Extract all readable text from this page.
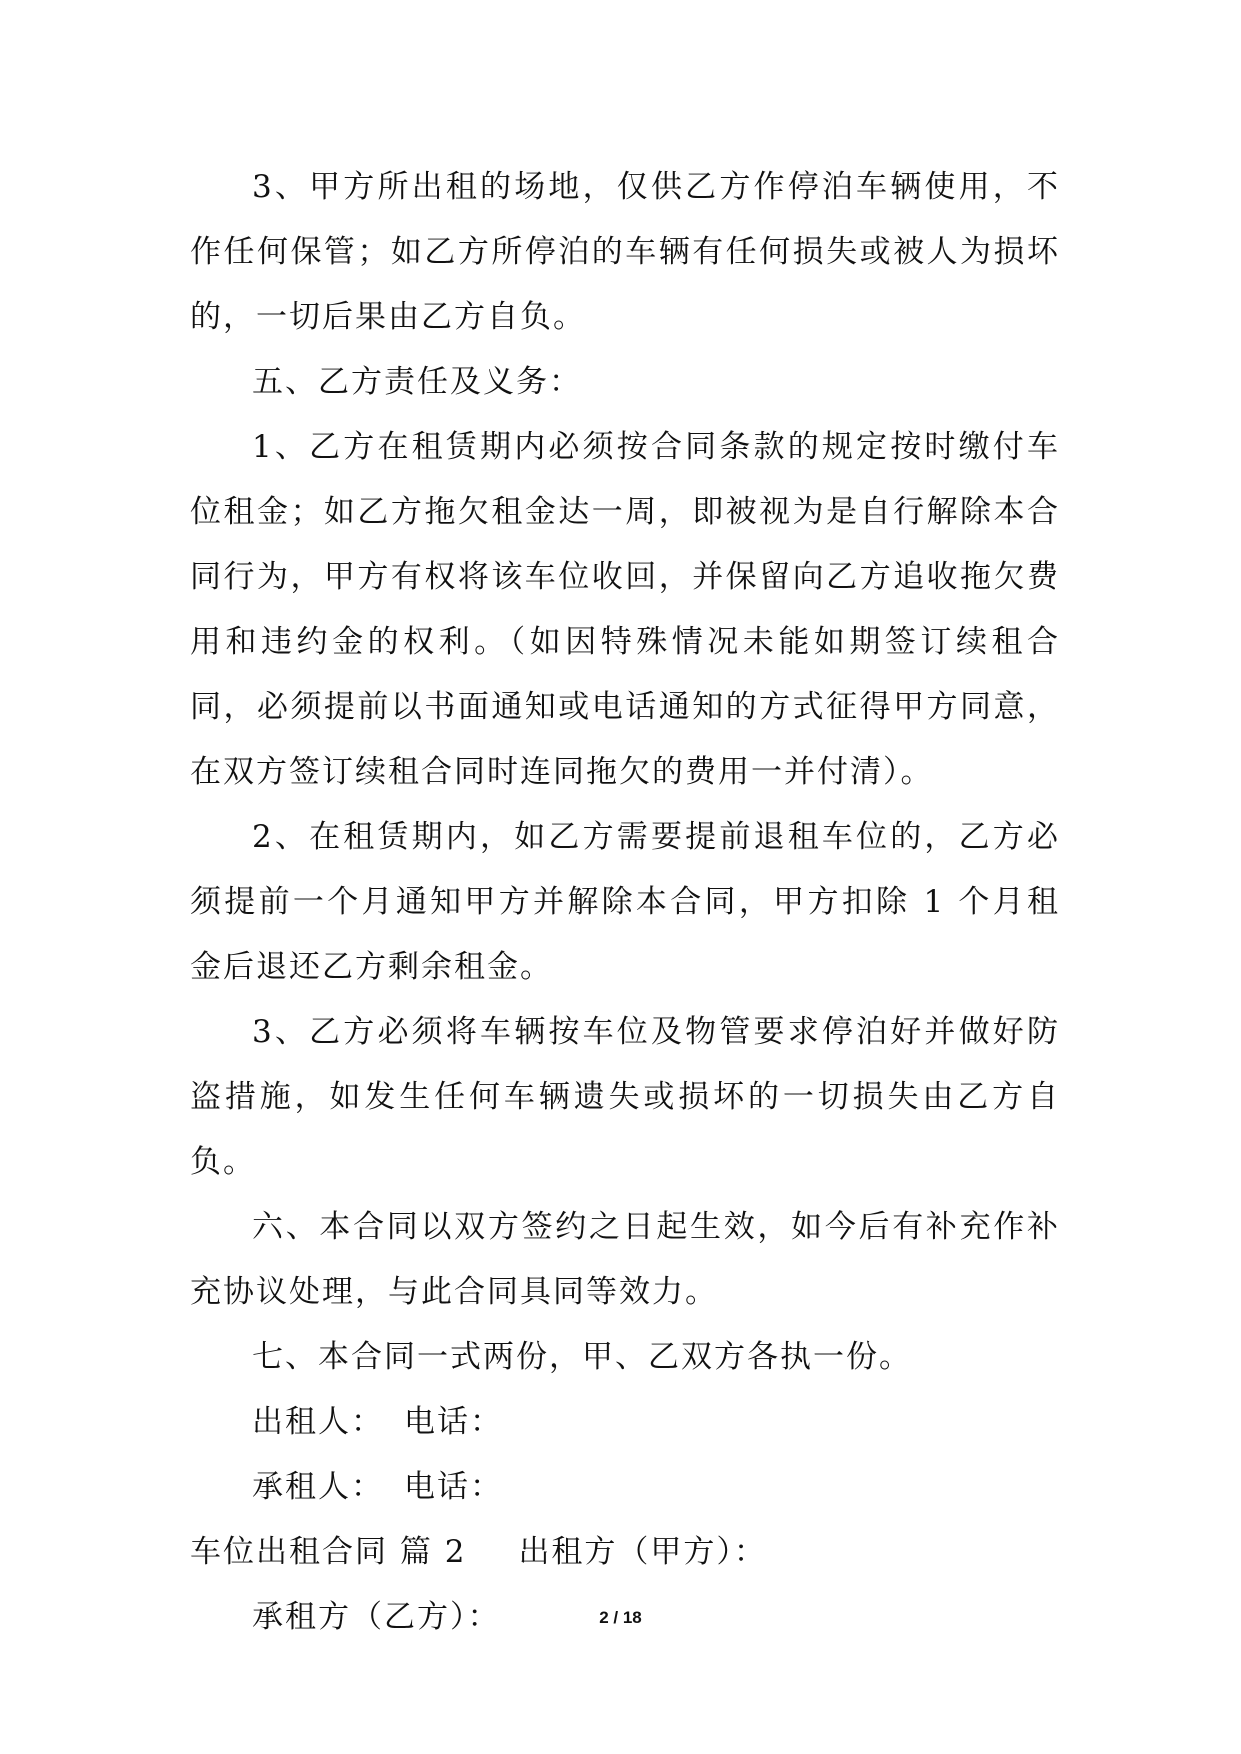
3、甲方所出租的场地，仅供乙方作停泊车辆使用，不作任何保管；如乙方所停泊的车辆有任何损失或被人为损坏的，一切后果由乙方自负。

五、乙方责任及义务：

1、乙方在租赁期内必须按合同条款的规定按时缴付车位租金；如乙方拖欠租金达一周，即被视为是自行解除本合同行为，甲方有权将该车位收回，并保留向乙方追收拖欠费用和违约金的权利。（如因特殊情况未能如期签订续租合同，必须提前以书面通知或电话通知的方式征得甲方同意，在双方签订续租合同时连同拖欠的费用一并付清）。

2、在租赁期内，如乙方需要提前退租车位的，乙方必须提前一个月通知甲方并解除本合同，甲方扣除 1 个月租金后退还乙方剩余租金。

3、乙方必须将车辆按车位及物管要求停泊好并做好防盗措施，如发生任何车辆遗失或损坏的一切损失由乙方自负。

六、本合同以双方签约之日起生效，如今后有补充作补充协议处理，与此合同具同等效力。

七、本合同一式两份，甲、乙双方各执一份。

出租人： 电话：

承租人： 电话：

车位出租合同 篇 2 出租方（甲方）：

承租方（乙方）：	2 / 18
